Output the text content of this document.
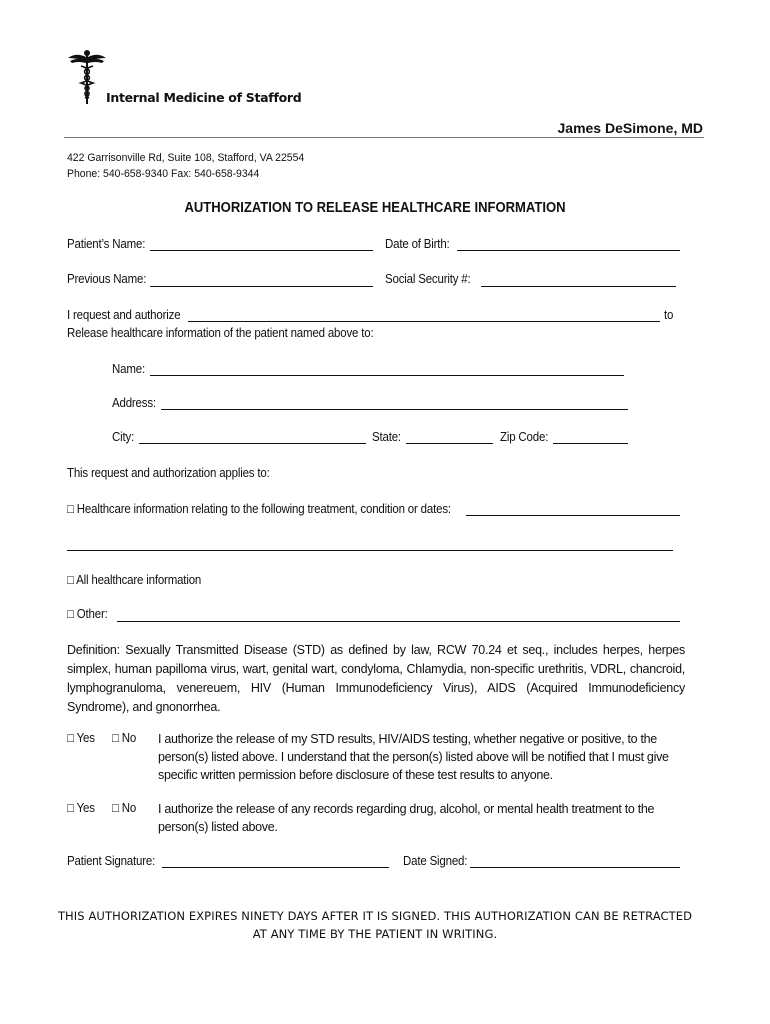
Internal Medicine of Stafford
James DeSimone, MD
422 Garrisonville Rd, Suite 108, Stafford, VA 22554
Phone: 540-658-9340 Fax: 540-658-9344
AUTHORIZATION TO RELEASE HEALTHCARE INFORMATION
Patient’s Name:	Date of Birth:
Previous Name:	Social Security #:
I request and authorize	to
Release healthcare information of the patient named above to:
Name:
Address:
City:	State:	Zip Code:
This request and authorization applies to:
□ Healthcare information relating to the following treatment, condition or dates:
□ All healthcare information
□ Other:
Definition: Sexually Transmitted Disease (STD) as defined by law, RCW 70.24 et seq., includes herpes, herpes simplex, human papilloma virus, wart, genital wart, condyloma, Chlamydia, non-specific urethritis, VDRL, chancroid, lymphogranuloma, venereuem, HIV (Human Immunodeficiency Virus), AIDS (Acquired Immunodeficiency Syndrome), and gnonorrhea.
□ Yes □ No I authorize the release of my STD results, HIV/AIDS testing, whether negative or positive, to the person(s) listed above. I understand that the person(s) listed above will be notified that I must give specific written permission before disclosure of these test results to anyone.
□ Yes □ No I authorize the release of any records regarding drug, alcohol, or mental health treatment to the person(s) listed above.
Patient Signature:	Date Signed:
THIS AUTHORIZATION EXPIRES NINETY DAYS AFTER IT IS SIGNED. THIS AUTHORIZATION CAN BE RETRACTED
AT ANY TIME BY THE PATIENT IN WRITING.
